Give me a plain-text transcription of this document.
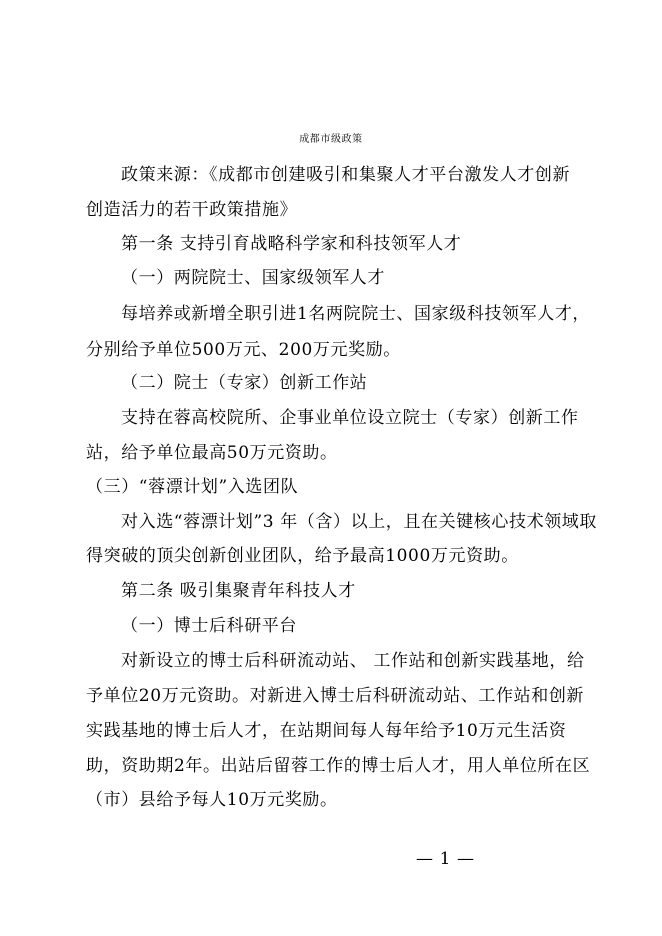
成都市级政策
政策来源：《成都市创建吸引和集聚人才平台激发人才创新
创造活力的若干政策措施》
第一条 支持引育战略科学家和科技领军人才
（一）两院院士、国家级领军人才
每培养或新增全职引进1名两院院士、国家级科技领军人才，
分别给予单位500万元、200万元奖励。
（二）院士（专家）创新工作站
支持在蓉高校院所、企事业单位设立院士（专家）创新工作
站，给予单位最高50万元资助。
（三）“蓉漂计划”入选团队
对入选“蓉漂计划”3 年（含）以上，且在关键核心技术领域取
得突破的顶尖创新创业团队，给予最高1000万元资助。
第二条 吸引集聚青年科技人才
（一）博士后科研平台
对新设立的博士后科研流动站、 工作站和创新实践基地，给
予单位20万元资助。对新进入博士后科研流动站、工作站和创新
实践基地的博士后人才，在站期间每人每年给予10万元生活资
助，资助期2年。出站后留蓉工作的博士后人才，用人单位所在区
（市）县给予每人10万元奖励。
— 1 —
